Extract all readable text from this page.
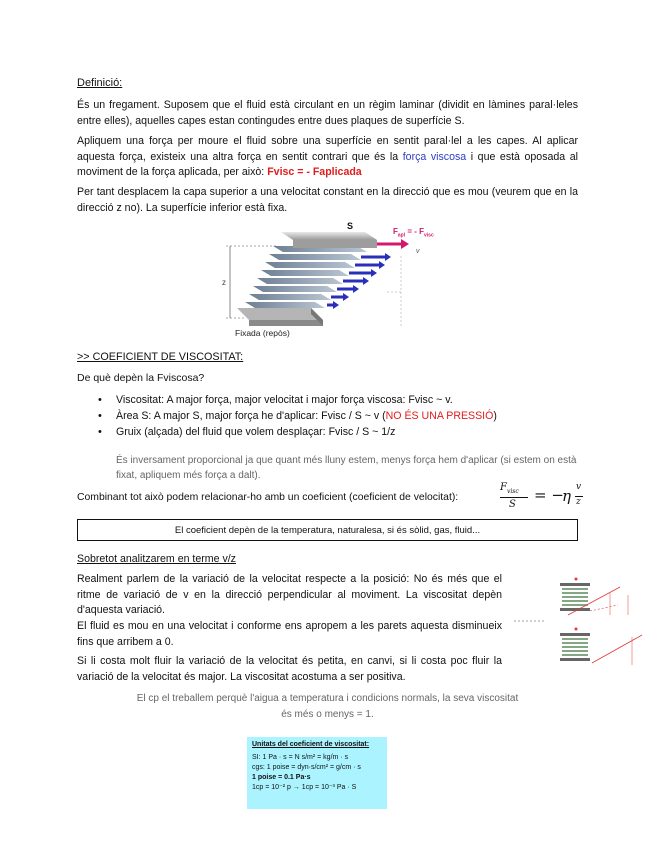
Definició:
És un fregament. Suposem que el fluid està circulant en un règim laminar (dividit en làmines paral·leles entre elles), aquelles capes estan contingudes entre dues plaques de superfície S.
Apliquem una força per moure el fluid sobre una superfície en sentit paral·lel a les capes. Al aplicar aquesta força, existeix una altra força en sentit contrari que és la força viscosa i que està oposada al moviment de la força aplicada, per això: Fvisc = - Faplicada
Per tant desplacem la capa superior a una velocitat constant en la direcció que es mou (veurem que en la direcció z no). La superfície inferior està fixa.
S
$F_{apl}$ = - $F_{visc}$
v
z
Fixada (repòs)
>> COEFICIENT DE VISCOSITAT:
De què depèn la Fviscosa?
• Viscositat: A major força, major velocitat i major força viscosa: Fvisc ~ v.
• Àrea S: A major S, major força he d'aplicar: Fvisc / S ~ v (NO ÉS UNA PRESSIÓ)
• Gruix (alçada) del fluid que volem desplaçar: Fvisc / S ~ 1/z
És inversament proporcional ja que quant més lluny estem, menys força hem d'aplicar (si estem on està fixat, apliquem més força a dalt).
Combinant tot això podem relacionar-ho amb un coeficient (coeficient de velocitat):
$F_{visc}$
S
= −
η v
z
El coeficient depèn de la temperatura, naturalesa, si és sòlid, gas, fluid...
Sobretot analitzarem en terme v/z
Realment parlem de la variació de la velocitat respecte a la posició: No és més que el ritme de variació de v en la direcció perpendicular al moviment. La viscositat depèn d'aquesta variació.
El fluid es mou en una velocitat i conforme ens apropem a les parets aquesta disminueix fins que arribem a 0.
Si li costa molt fluir la variació de la velocitat és petita, en canvi, si li costa poc fluir la variació de la velocitat és major. La viscositat acostuma a ser positiva.
El cp el treballem perquè l'aigua a temperatura i condicions normals, la seva viscositat és més o menys = 1.
Unitats del coeficient de viscositat:
SI: 1 Pa · s = N s/m² = kg/m · s
cgs: 1 poise = dyn·s/cm² = g/cm · s
1 poise = 0.1 Pa·s
1cp = 10⁻² p → 1cp = 10⁻³ Pa · S
